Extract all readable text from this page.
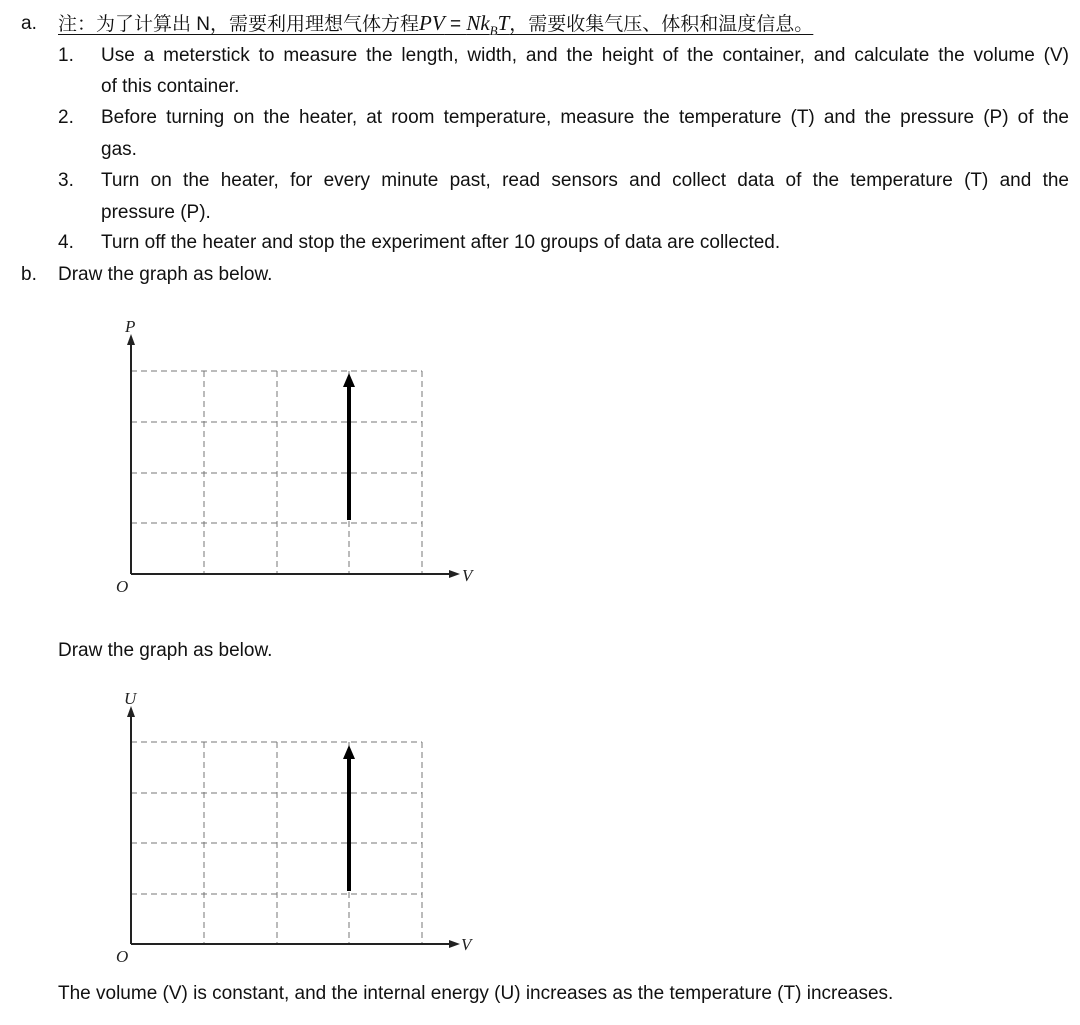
a. 注：为了计算出 N，需要利用理想气体方程PV = $Nk_BT$，需要收集气压、体积和温度信息。
1. Use a meterstick to measure the length, width, and the height of the container, and calculate the volume (V)
of this container.
2. Before turning on the heater, at room temperature, measure the temperature (T) and the pressure (P) of the
gas.
3. Turn on the heater, for every minute past, read sensors and collect data of the temperature (T) and the
pressure (P).
4. Turn off the heater and stop the experiment after 10 groups of data are collected.
b. Draw the graph as below.
P
V
O
Draw the graph as below.
U
V
O
The volume (V) is constant, and the internal energy (U) increases as the temperature (T) increases.
